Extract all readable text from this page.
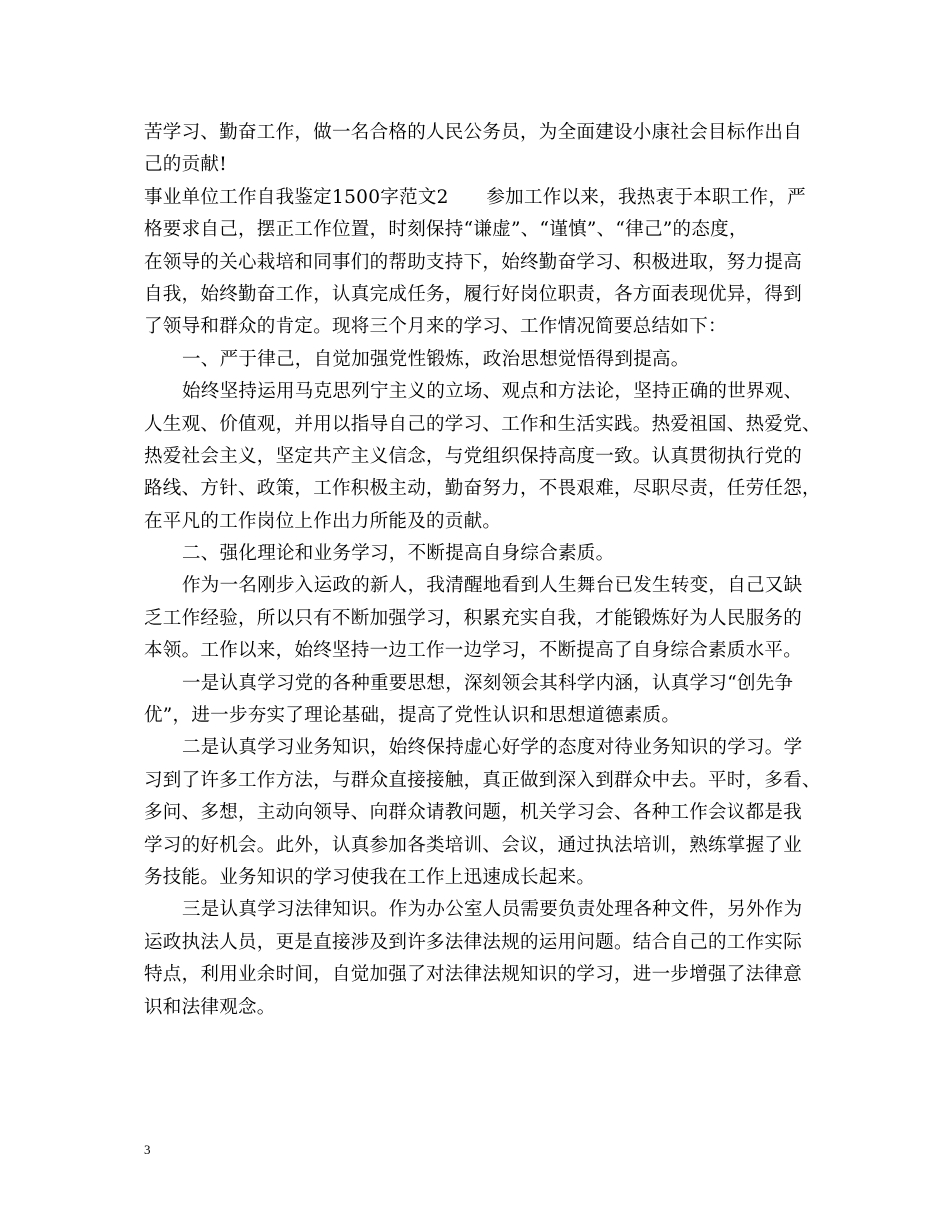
苦学习、勤奋工作，做一名合格的人民公务员，为全面建设小康社会目标作出自
己的贡献!
事业单位工作自我鉴定1500字范文2　　参加工作以来，我热衷于本职工作，严
格要求自己，摆正工作位置，时刻保持“谦虚”、“谨慎”、“律己”的态度，
在领导的关心栽培和同事们的帮助支持下，始终勤奋学习、积极进取，努力提高
自我，始终勤奋工作，认真完成任务，履行好岗位职责，各方面表现优异，得到
了领导和群众的肯定。现将三个月来的学习、工作情况简要总结如下：
一、严于律己，自觉加强党性锻炼，政治思想觉悟得到提高。
始终坚持运用马克思列宁主义的立场、观点和方法论，坚持正确的世界观、
人生观、价值观，并用以指导自己的学习、工作和生活实践。热爱祖国、热爱党、
热爱社会主义，坚定共产主义信念，与党组织保持高度一致。认真贯彻执行党的
路线、方针、政策，工作积极主动，勤奋努力，不畏艰难，尽职尽责，任劳任怨，
在平凡的工作岗位上作出力所能及的贡献。
二、强化理论和业务学习，不断提高自身综合素质。
作为一名刚步入运政的新人，我清醒地看到人生舞台已发生转变，自己又缺
乏工作经验，所以只有不断加强学习，积累充实自我，才能锻炼好为人民服务的
本领。工作以来，始终坚持一边工作一边学习，不断提高了自身综合素质水平。
一是认真学习党的各种重要思想，深刻领会其科学内涵，认真学习“创先争
优”，进一步夯实了理论基础，提高了党性认识和思想道德素质。
二是认真学习业务知识，始终保持虚心好学的态度对待业务知识的学习。学
习到了许多工作方法，与群众直接接触，真正做到深入到群众中去。平时，多看、
多问、多想，主动向领导、向群众请教问题，机关学习会、各种工作会议都是我
学习的好机会。此外，认真参加各类培训、会议，通过执法培训，熟练掌握了业
务技能。业务知识的学习使我在工作上迅速成长起来。
三是认真学习法律知识。作为办公室人员需要负责处理各种文件，另外作为
运政执法人员，更是直接涉及到许多法律法规的运用问题。结合自己的工作实际
特点，利用业余时间，自觉加强了对法律法规知识的学习，进一步增强了法律意
识和法律观念。
3
